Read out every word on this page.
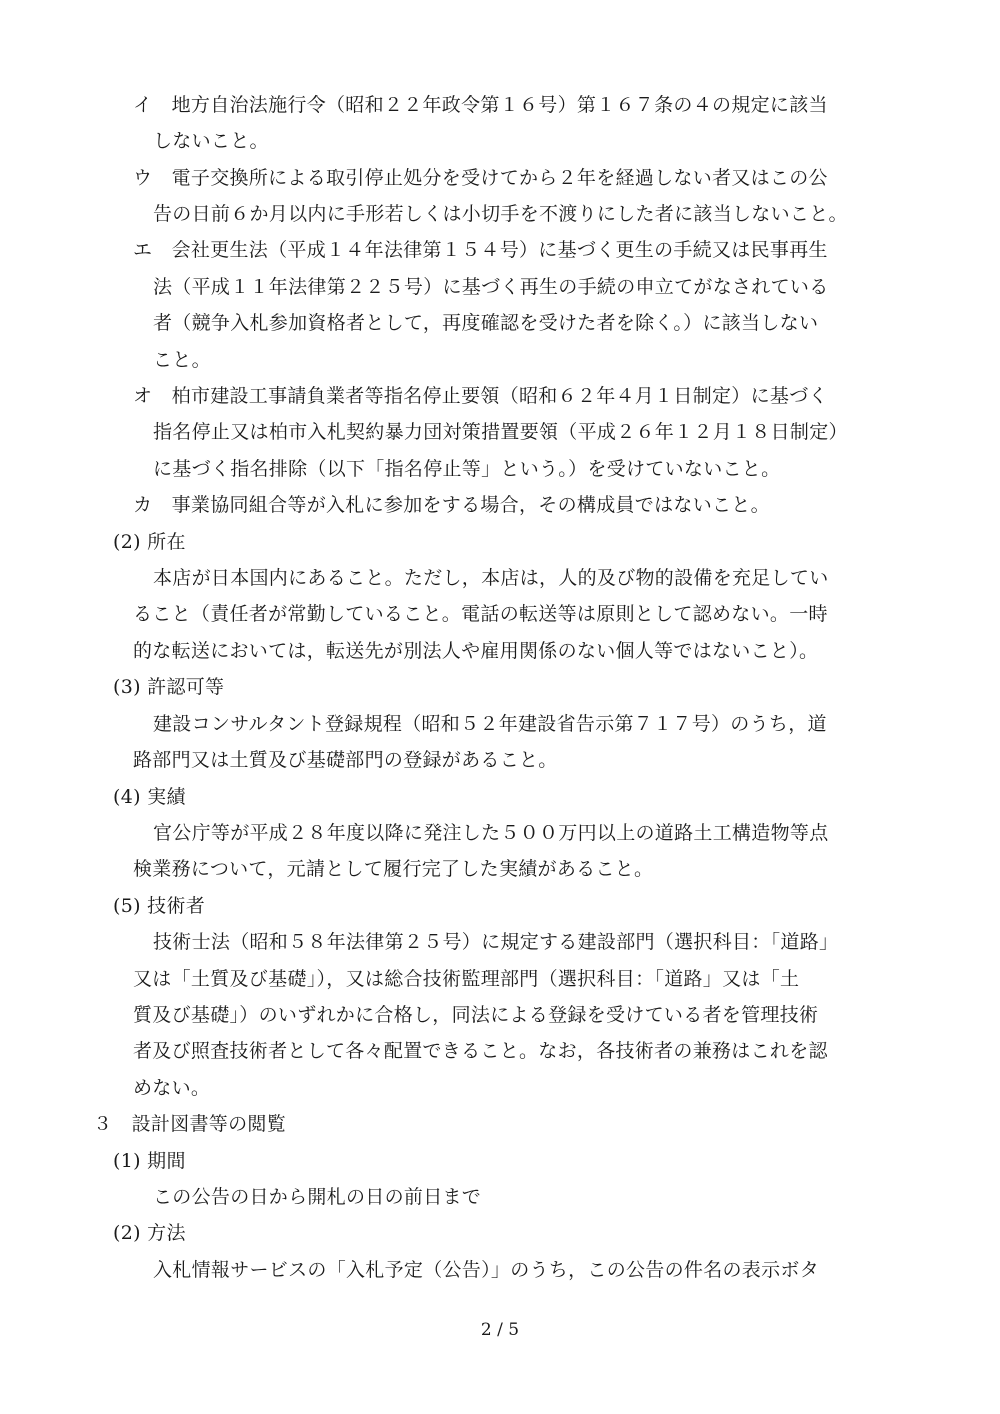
イ　地方自治法施行令（昭和２２年政令第１６号）第１６７条の４の規定に該当
しないこと。
ウ　電子交換所による取引停止処分を受けてから２年を経過しない者又はこの公
告の日前６か月以内に手形若しくは小切手を不渡りにした者に該当しないこと。
エ　会社更生法（平成１４年法律第１５４号）に基づく更生の手続又は民事再生
法（平成１１年法律第２２５号）に基づく再生の手続の申立てがなされている
者（競争入札参加資格者として，再度確認を受けた者を除く。）に該当しない
こと。
オ　柏市建設工事請負業者等指名停止要領（昭和６２年４月１日制定）に基づく
指名停止又は柏市入札契約暴力団対策措置要領（平成２６年１２月１８日制定）
に基づく指名排除（以下「指名停止等」という。）を受けていないこと。
カ　事業協同組合等が入札に参加をする場合，その構成員ではないこと。
(2) 所在
本店が日本国内にあること。ただし，本店は，人的及び物的設備を充足してい
ること（責任者が常勤していること。電話の転送等は原則として認めない。一時
的な転送においては，転送先が別法人や雇用関係のない個人等ではないこと）。
(3) 許認可等
建設コンサルタント登録規程（昭和５２年建設省告示第７１７号）のうち，道
路部門又は土質及び基礎部門の登録があること。
(4) 実績
官公庁等が平成２８年度以降に発注した５００万円以上の道路土工構造物等点
検業務について，元請として履行完了した実績があること。
(5) 技術者
技術士法（昭和５８年法律第２５号）に規定する建設部門（選択科目：「道路」
又は「土質及び基礎」），又は総合技術監理部門（選択科目：「道路」又は「土
質及び基礎」）のいずれかに合格し，同法による登録を受けている者を管理技術
者及び照査技術者として各々配置できること。なお，各技術者の兼務はこれを認
めない。
３　設計図書等の閲覧
(1) 期間
この公告の日から開札の日の前日まで
(2) 方法
入札情報サービスの「入札予定（公告）」のうち，この公告の件名の表示ボタ
2 / 5
